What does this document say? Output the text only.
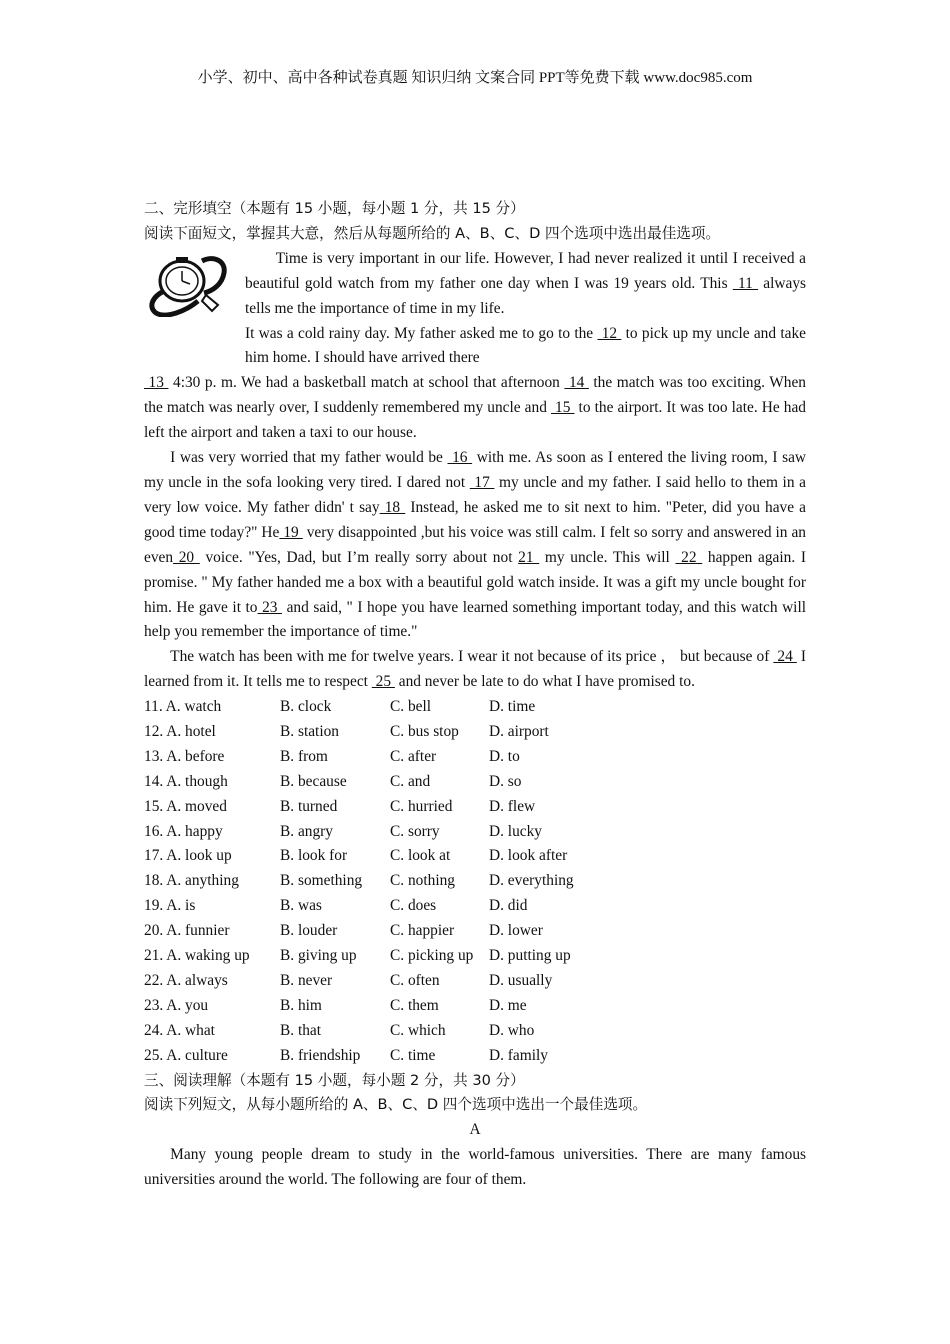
小学、初中、高中各种试卷真题 知识归纳 文案合同 PPT等免费下载 www.doc985.com
二、完形填空（本题有 15 小题，每小题 1 分，共 15 分）
阅读下面短文，掌握其大意，然后从每题所给的 A、B、C、D 四个选项中选出最佳选项。

Time is very important in our life. However, I had never realized it until I received a beautiful gold watch from my father one day when I was 19 years old. This  11  always tells me the importance of time in my life.

It was a cold rainy day. My father asked me to go to the  12  to pick up my uncle and take him home. I should have arrived there

13  4:30 p. m. We had a basketball match at school that afternoon  14  the match was too exciting. When the match was nearly over, I suddenly remembered my uncle and  15  to the airport. It was too late. He had left the airport and taken a taxi to our house.

I was very worried that my father would be  16  with me. As soon as I entered the living room, I saw my uncle in the sofa looking very tired. I dared not  17  my uncle and my father. I said hello to them in a very low voice. My father didn' t say 18  Instead, he asked me to sit next to him. "Peter, did you have a good time today?" He 19  very disappointed ,but his voice was still calm. I felt so sorry and answered in an even 20  voice. "Yes, Dad, but I’m really sorry about not 21  my uncle. This will  22  happen again. I promise. " My father handed me a box with a beautiful gold watch inside. It was a gift my uncle bought for him. He gave it to 23  and said, " I hope you have learned something important today, and this watch will help you remember the importance of time."

The watch has been with me for twelve years. I wear it not because of its price ， but because of  24  I learned from it. It tells me to respect  25  and never be late to do what I have promised to.

11. A. watch	B. clock	C. bell	D. time
12. A. hotel	B. station	C. bus stop	D. airport
13. A. before	B. from	C. after	D. to
14. A. though	B. because	C. and	D. so
15. A. moved	B. turned	C. hurried	D. flew
16. A. happy	B. angry	C. sorry	D. lucky
17. A. look up	B. look for	C. look at	D. look after
18. A. anything	B. something	C. nothing	D. everything
19. A. is	B. was	C. does	D. did
20. A. funnier	B. louder	C. happier	D. lower
21. A. waking up	B. giving up	C. picking up	D. putting up
22. A. always	B. never	C. often	D. usually
23. A. you	B. him	C. them	D. me
24. A. what	B. that	C. which	D. who
25. A. culture	B. friendship	C. time	D. family
三、阅读理解（本题有 15 小题，每小题 2 分，共 30 分）
阅读下列短文，从每小题所给的 A、B、C、D 四个选项中选出一个最佳选项。
A

Many young people dream to study in the world-famous universities. There are many famous universities around the world. The following are four of them.
